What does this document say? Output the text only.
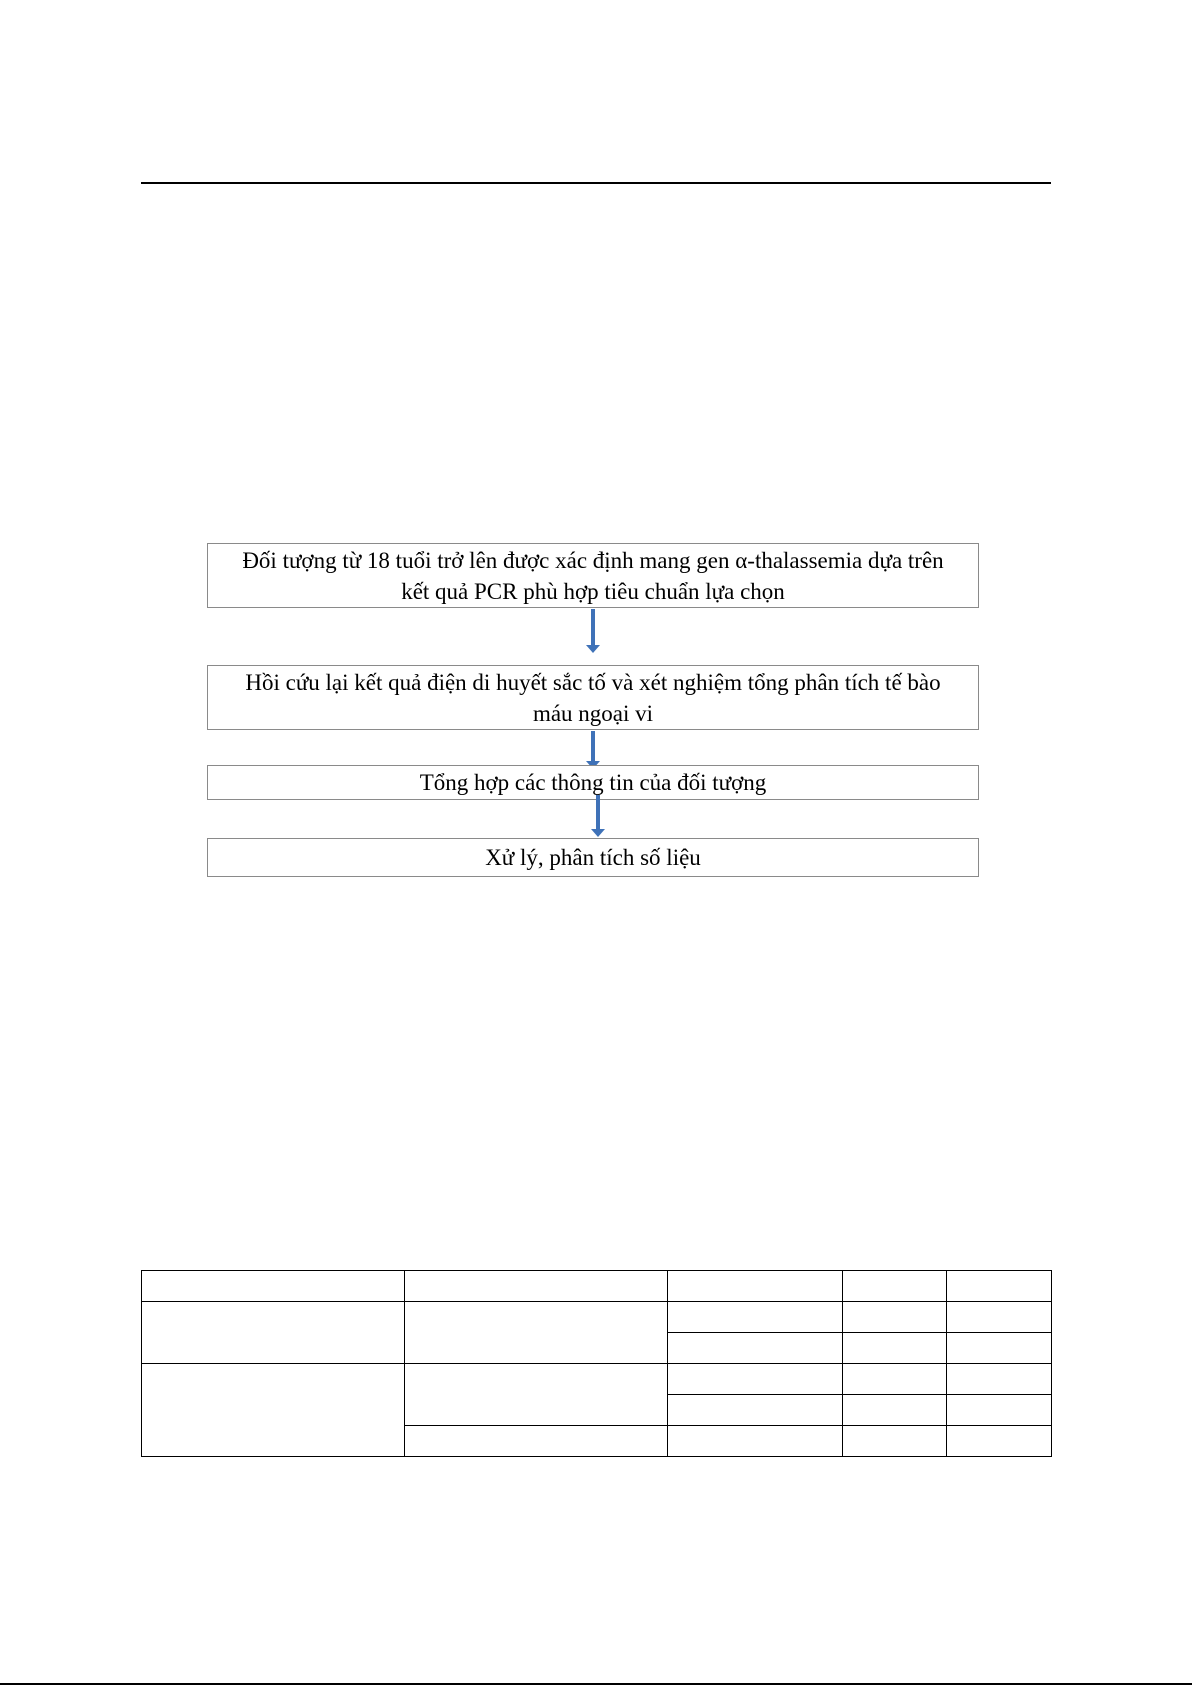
Đối tượng từ 18 tuổi trở lên được xác định mang gen α-thalassemia dựa trên kết quả PCR phù hợp tiêu chuẩn lựa chọn
Hồi cứu lại kết quả điện di huyết sắc tố và xét nghiệm tổng phân tích tế bào máu ngoại vi
Tổng hợp các thông tin của đối tượng
Xử lý, phân tích số liệu
